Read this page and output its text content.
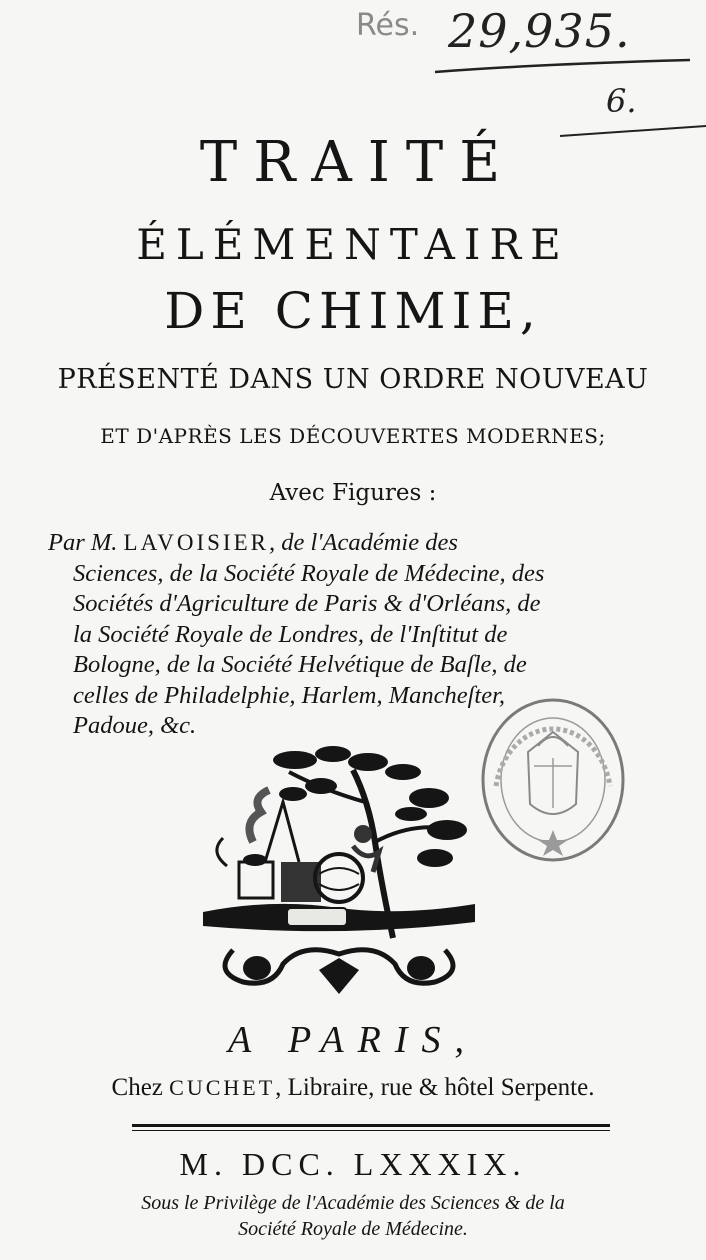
Rés. 29,935.
6.
TRAITÉ
ÉLÉMENTAIRE
DE CHIMIE,
PRÉSENTÉ DANS UN ORDRE NOUVEAU
ET D'APRÈS LES DÉCOUVERTES MODERNES;
Avec Figures :
Par M. LAVOISIER, de l'Académie des
Sciences, de la Société Royale de Médecine, des
Sociétés d'Agriculture de Paris & d'Orléans, de
la Société Royale de Londres, de l'Inſtitut de
Bologne, de la Société Helvétique de Baſle, de
celles de Philadelphie, Harlem, Mancheſter,
Padoue, &c.
A PARIS,
Chez CUCHET, Libraire, rue & hôtel Serpente.
M. DCC. LXXXIX.
Sous le Privilège de l'Académie des Sciences & de la
Société Royale de Médecine.
